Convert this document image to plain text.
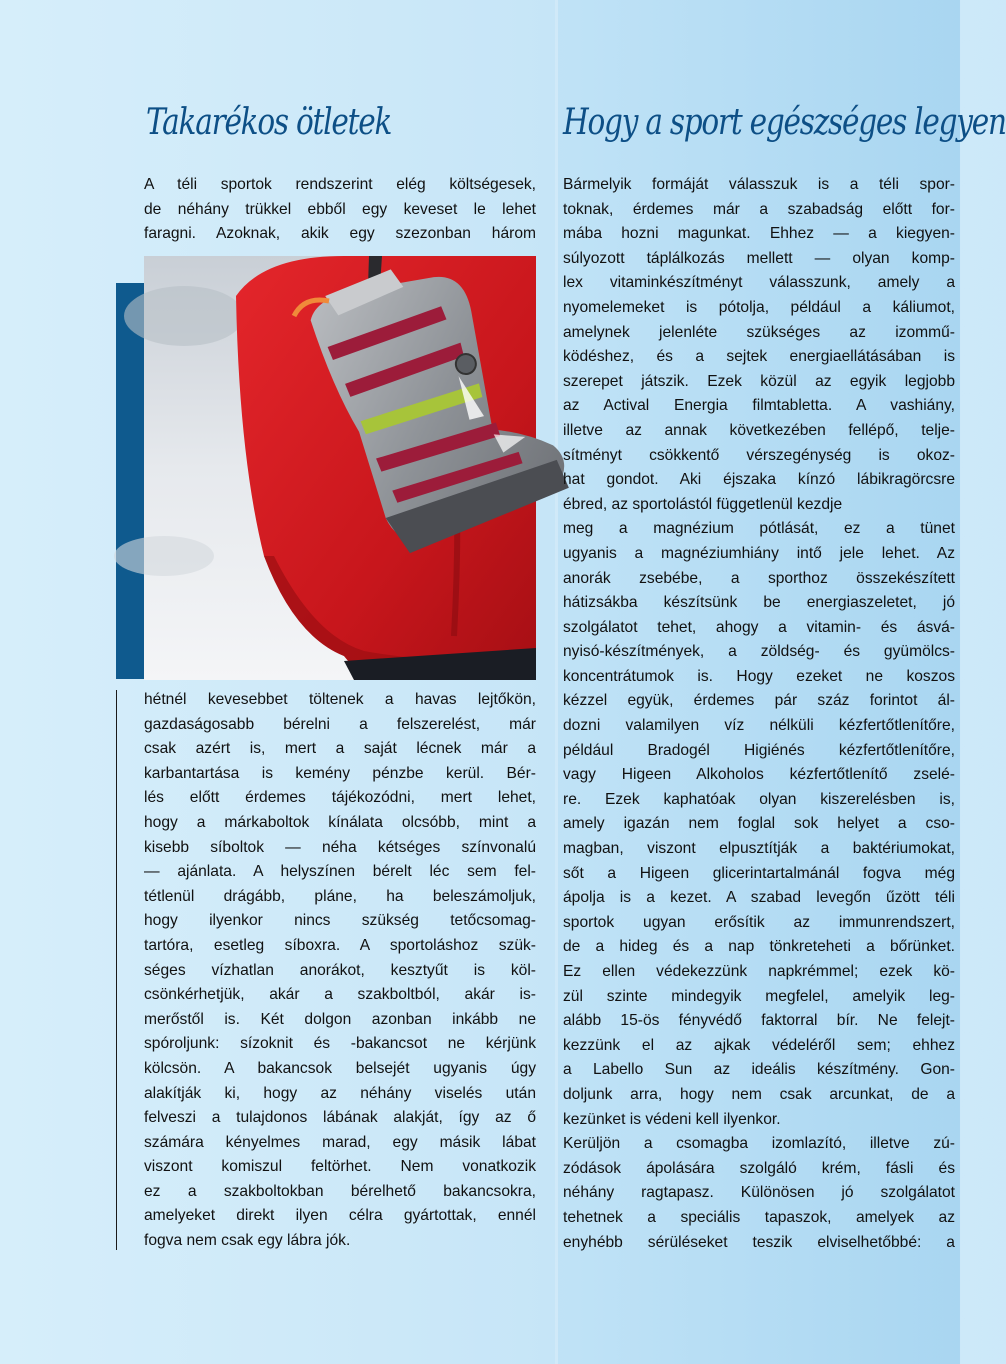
Takarékos ötletek	Hogy a sport egészséges legyen
A téli sportok rendszerint elég költségesek,
de néhány trükkel ebből egy keveset le lehet
faragni. Azoknak, akik egy szezonban három
hétnél kevesebbet töltenek a havas lejtőkön,
gazdaságosabb bérelni a felszerelést, már
csak azért is, mert a saját lécnek már a
karbantartása is kemény pénzbe kerül. Bér-
lés előtt érdemes tájékozódni, mert lehet,
hogy a márkaboltok kínálata olcsóbb, mint a
kisebb síboltok — néha kétséges színvonalú
— ajánlata. A helyszínen bérelt léc sem fel-
tétlenül drágább, pláne, ha beleszámoljuk,
hogy ilyenkor nincs szükség tetőcsomag-
tartóra, esetleg síboxra. A sportoláshoz szük-
séges vízhatlan anorákot, kesztyűt is köl-
csönkérhetjük, akár a szakboltból, akár is-
merőstől is. Két dolgon azonban inkább ne
spóroljunk: sízoknit és -bakancsot ne kérjünk
kölcsön. A bakancsok belsejét ugyanis úgy
alakítják ki, hogy az néhány viselés után
felveszi a tulajdonos lábának alakját, így az ő
számára kényelmes marad, egy másik lábat
viszont komiszul feltörhet. Nem vonatkozik
ez a szakboltokban bérelhető bakancsokra,
amelyeket direkt ilyen célra gyártottak, ennél
fogva nem csak egy lábra jók.
Bármelyik formáját válasszuk is a téli spor-
toknak, érdemes már a szabadság előtt for-
mába hozni magunkat. Ehhez — a kiegyen-
súlyozott táplálkozás mellett — olyan komp-
lex vitaminkészítményt válasszunk, amely a
nyomelemeket is pótolja, például a káliumot,
amelynek jelenléte szükséges az izommű-
ködéshez, és a sejtek energiaellátásában is
szerepet játszik. Ezek közül az egyik legjobb
az Actival Energia filmtabletta. A vashiány,
illetve az annak következében fellépő, telje-
sítményt csökkentő vérszegénység is okoz-
hat gondot. Aki éjszaka kínzó lábikragörcsre
ébred, az sportolástól függetlenül kezdje
meg a magnézium pótlását, ez a tünet
ugyanis a magnéziumhiány intő jele lehet. Az
anorák zsebébe, a sporthoz összekészített
hátizsákba készítsünk be energiaszeletet, jó
szolgálatot tehet, ahogy a vitamin- és ásvá-
nyisó-készítmények, a zöldség- és gyümölcs-
koncentrátumok is. Hogy ezeket ne koszos
kézzel együk, érdemes pár száz forintot ál-
dozni valamilyen víz nélküli kézfertőtlenítőre,
például Bradogél Higiénés kézfertőtlenítőre,
vagy Higeen Alkoholos kézfertőtlenítő zselé-
re. Ezek kaphatóak olyan kiszerelésben is,
amely igazán nem foglal sok helyet a cso-
magban, viszont elpusztítják a baktériumokat,
sőt a Higeen glicerintartalmánál fogva még
ápolja is a kezet. A szabad levegőn űzött téli
sportok ugyan erősítik az immunrendszert,
de a hideg és a nap tönkreteheti a bőrünket.
Ez ellen védekezzünk napkrémmel; ezek kö-
zül szinte mindegyik megfelel, amelyik leg-
alább 15-ös fényvédő faktorral bír. Ne felejt-
kezzünk el az ajkak védeléről sem; ehhez
a Labello Sun az ideális készítmény. Gon-
doljunk arra, hogy nem csak arcunkat, de a
kezünket is védeni kell ilyenkor.
Kerüljön a csomagba izomlazító, illetve zú-
zódások ápolására szolgáló krém, fásli és
néhány ragtapasz. Különösen jó szolgálatot
tehetnek a speciális tapaszok, amelyek az
enyhébb sérüléseket teszik elviselhetőbbé: a
